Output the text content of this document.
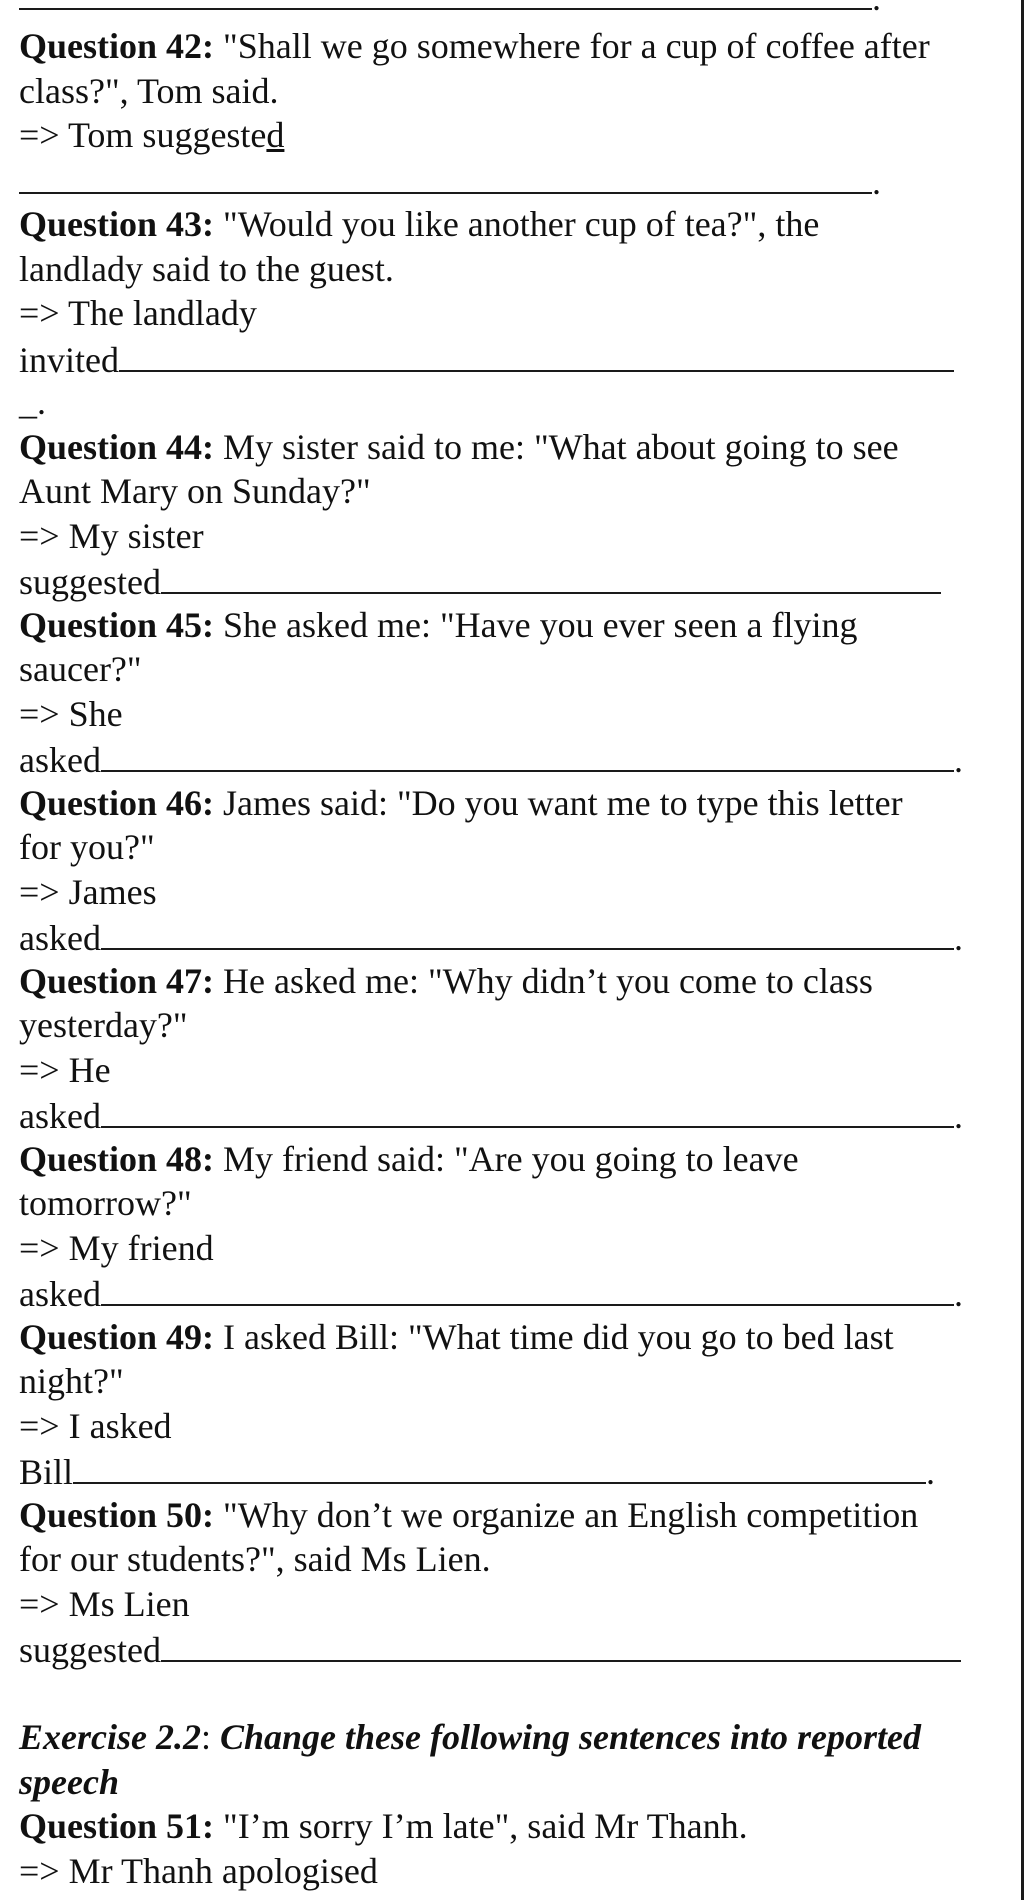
Question 42: "Shall we go somewhere for a cup of coffee after
class?", Tom said.
=> Tom suggested
.
Question 43: "Would you like another cup of tea?", the
landlady said to the guest.
=> The landlady
invited
_.
Question 44: My sister said to me: "What about going to see
Aunt Mary on Sunday?"
=> My sister
suggested
Question 45: She asked me: "Have you ever seen a flying
saucer?"
=> She
asked	.
Question 46: James said: "Do you want me to type this letter
for you?"
=> James
asked	.
Question 47: He asked me: "Why didn’t you come to class
yesterday?"
=> He
asked	.
Question 48: My friend said: "Are you going to leave
tomorrow?"
=> My friend
asked	.
Question 49: I asked Bill: "What time did you go to bed last
night?"
=> I asked
Bill	.
Question 50: "Why don’t we organize an English competition
for our students?", said Ms Lien.
=> Ms Lien
suggested
Exercise 2.2: Change these following sentences into reported
speech
Question 51: "I’m sorry I’m late", said Mr Thanh.
=> Mr Thanh apologised
